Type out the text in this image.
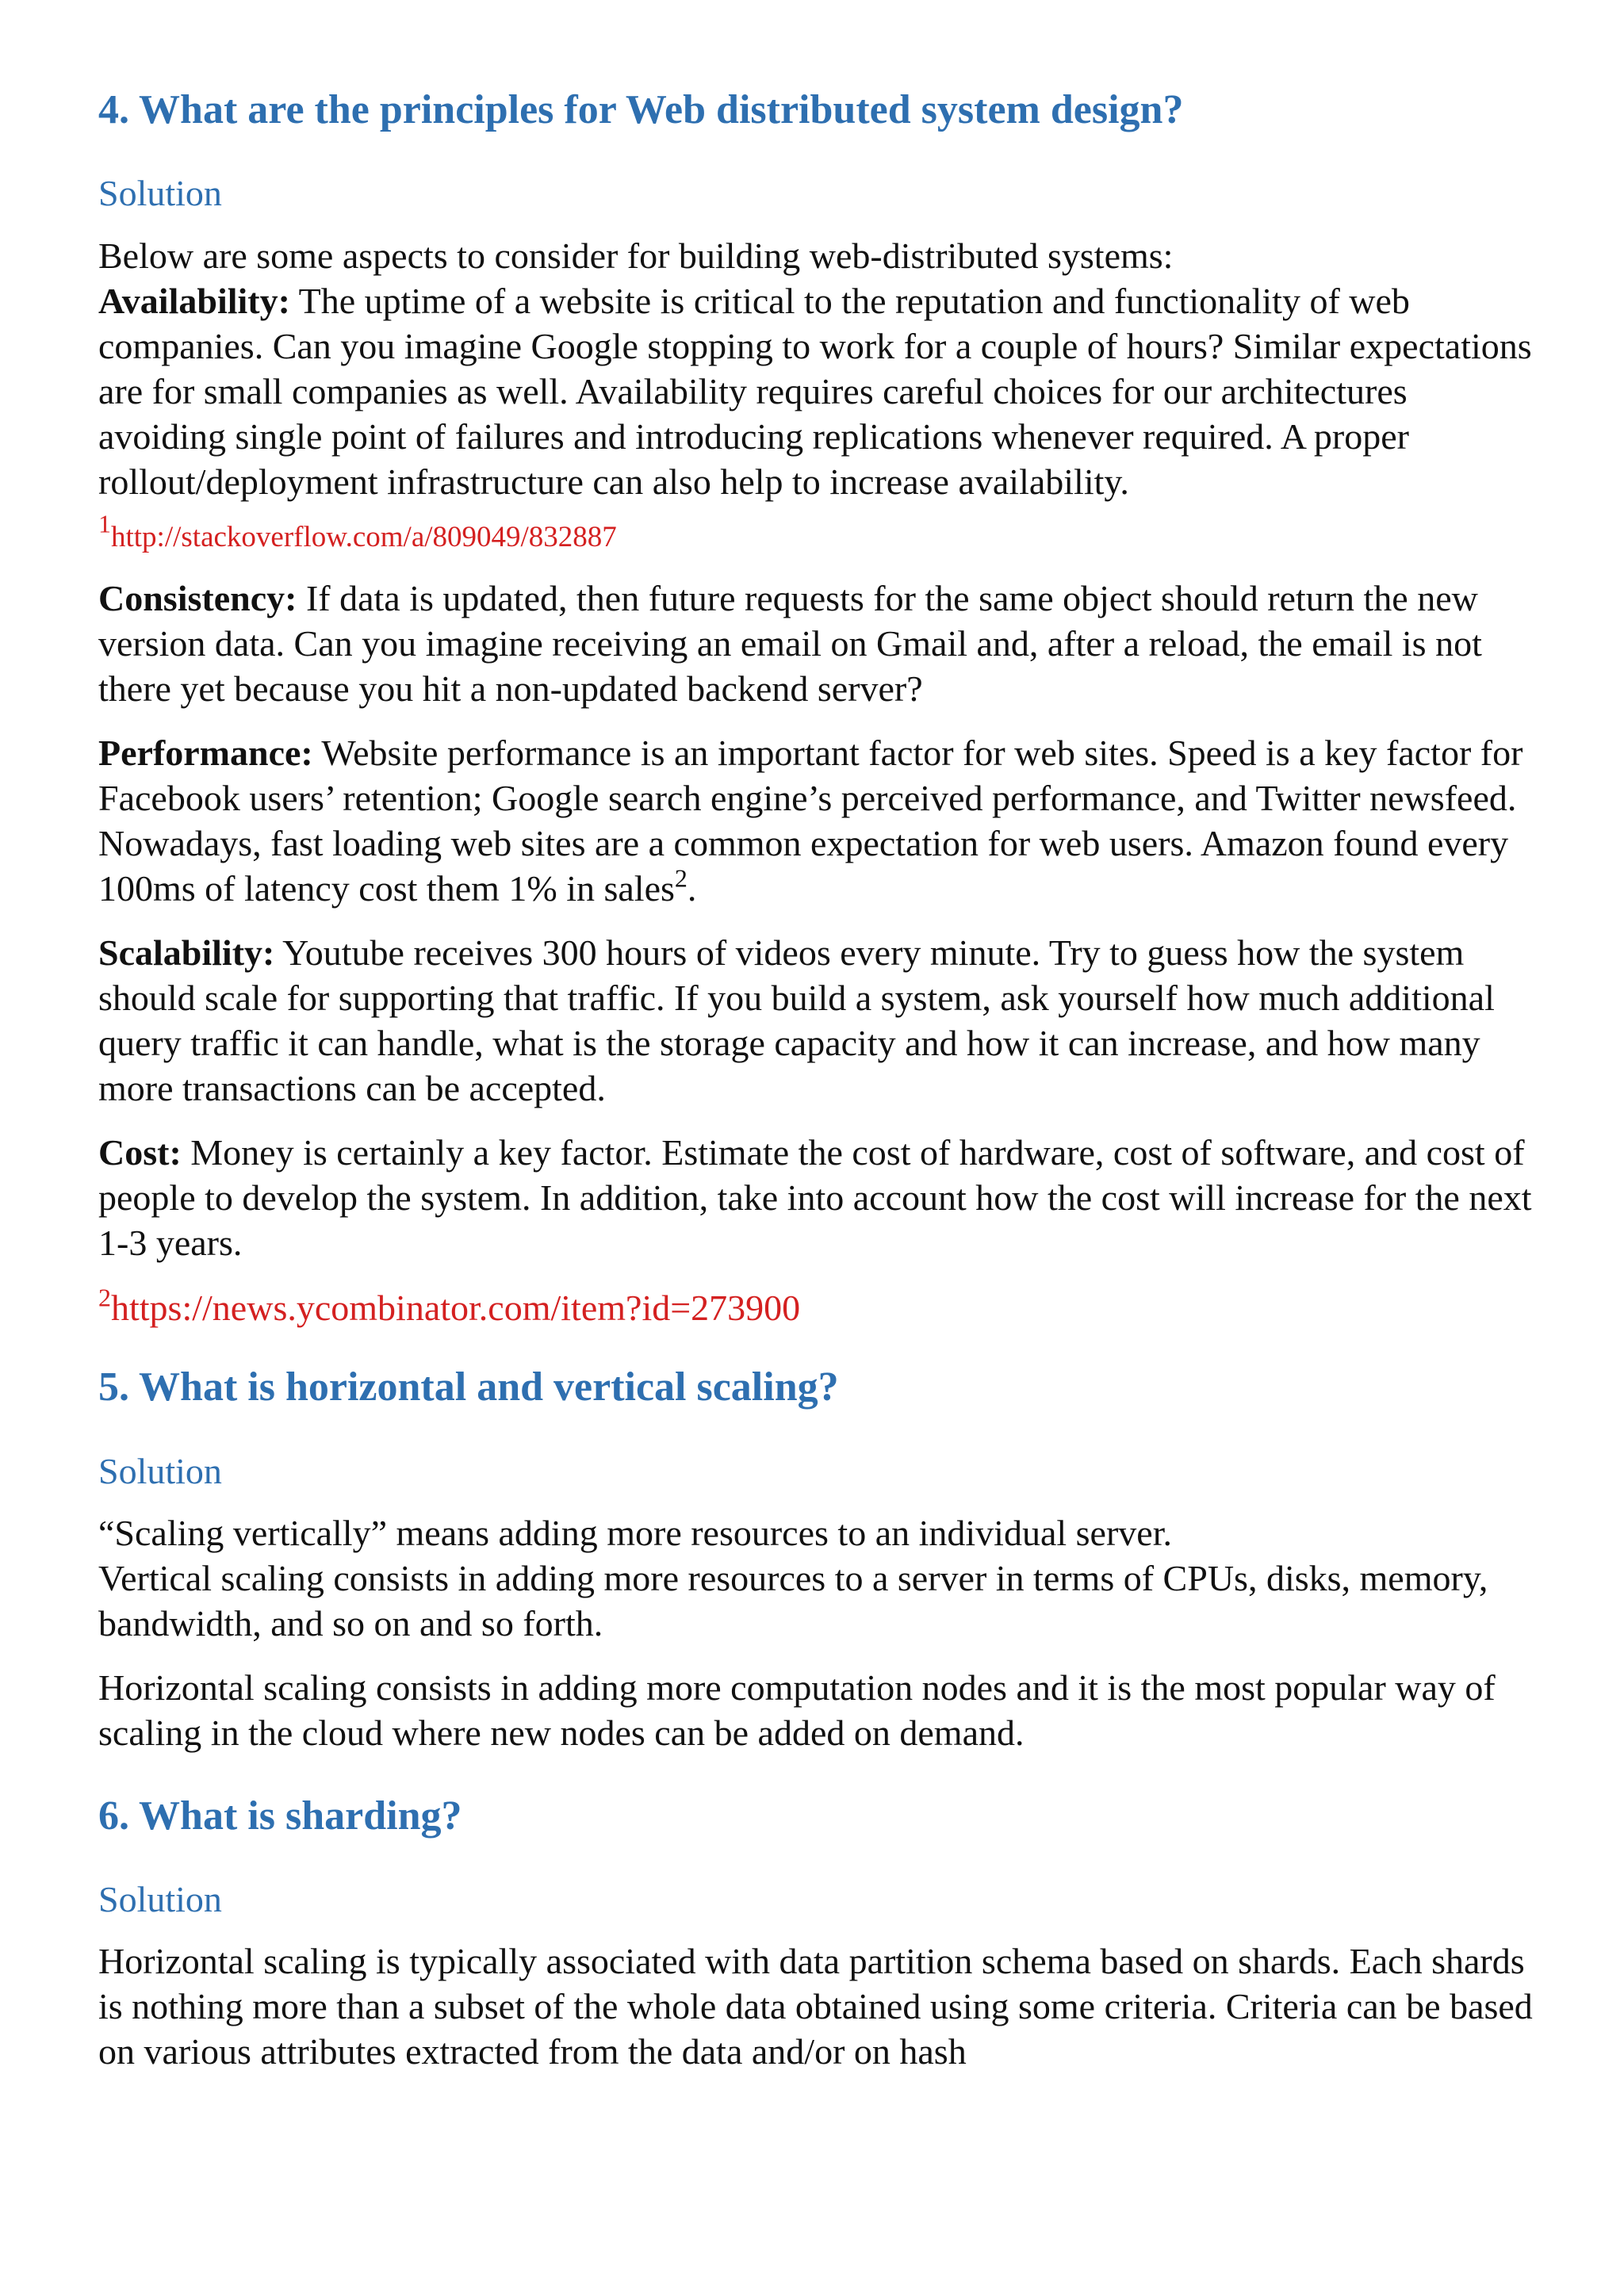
4. What are the principles for Web distributed system design?
Solution

Below are some aspects to consider for building web-distributed systems:
Availability: The uptime of a website is critical to the reputation and functionality of web companies. Can you imagine Google stopping to work for a couple of hours? Similar expectations are for small companies as well. Availability requires careful choices for our architectures avoiding single point of failures and introducing replications whenever required. A proper rollout/deployment infrastructure can also help to increase availability.

$^1$http://stackoverflow.com/a/809049/832887

Consistency: If data is updated, then future requests for the same object should return the new version data. Can you imagine receiving an email on Gmail and, after a reload, the email is not there yet because you hit a non-updated backend server?

Performance: Website performance is an important factor for web sites. Speed is a key factor for Facebook users’ retention; Google search engine’s perceived performance, and Twitter newsfeed. Nowadays, fast loading web sites are a common expectation for web users. Amazon found every 100ms of latency cost them 1% in sales$^2$.

Scalability: Youtube receives 300 hours of videos every minute. Try to guess how the system should scale for supporting that traffic. If you build a system, ask yourself how much additional query traffic it can handle, what is the storage capacity and how it can increase, and how many more transactions can be accepted.

Cost: Money is certainly a key factor. Estimate the cost of hardware, cost of software, and cost of people to develop the system. In addition, take into account how the cost will increase for the next 1-3 years.

$^2$https://news.ycombinator.com/item?id=273900
5. What is horizontal and vertical scaling?
Solution

“Scaling vertically” means adding more resources to an individual server.
Vertical scaling consists in adding more resources to a server in terms of CPUs, disks, memory, bandwidth, and so on and so forth.

Horizontal scaling consists in adding more computation nodes and it is the most popular way of scaling in the cloud where new nodes can be added on demand.

6. What is sharding?
Solution

Horizontal scaling is typically associated with data partition schema based on shards. Each shards is nothing more than a subset of the whole data obtained using some criteria. Criteria can be based on various attributes extracted from the data and/or on hash
